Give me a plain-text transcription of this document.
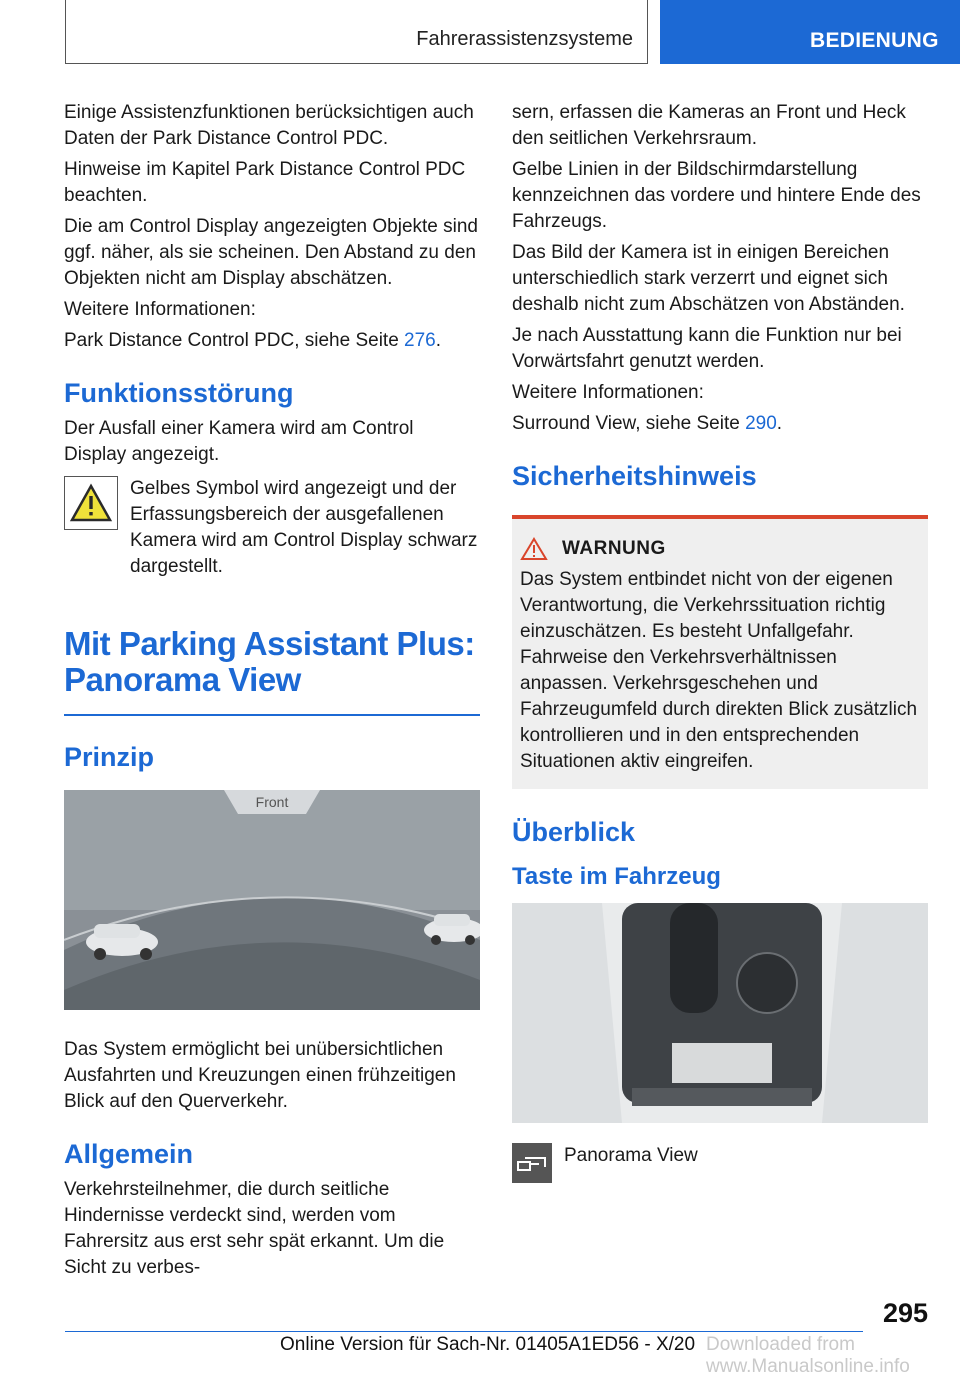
Fahrerassistenzsysteme	BEDIENUNG

Einige Assistenzfunktionen berücksichtigen auch Daten der Park Distance Control PDC.

Hinweise im Kapitel Park Distance Control PDC beachten.

Die am Control Display angezeigten Objekte sind ggf. näher, als sie scheinen. Den Abstand zu den Objekten nicht am Display abschätzen.

Weitere Informationen:

Park Distance Control PDC, siehe Seite 276.

Funktionsstörung

Der Ausfall einer Kamera wird am Control Display angezeigt.

Gelbes Symbol wird angezeigt und der Erfassungsbereich der ausgefallenen Kamera wird am Control Display schwarz dargestellt.

Mit Parking Assistant Plus: Panorama View
Prinzip
Front

Das System ermöglicht bei unübersichtlichen Ausfahrten und Kreuzungen einen frühzeitigen Blick auf den Querverkehr.

Allgemein

Verkehrsteilnehmer, die durch seitliche Hindernisse verdeckt sind, werden vom Fahrersitz aus erst sehr spät erkannt. Um die Sicht zu verbes-

sern, erfassen die Kameras an Front und Heck den seitlichen Verkehrsraum.

Gelbe Linien in der Bildschirmdarstellung kennzeichnen das vordere und hintere Ende des Fahrzeugs.

Das Bild der Kamera ist in einigen Bereichen unterschiedlich stark verzerrt und eignet sich deshalb nicht zum Abschätzen von Abständen.

Je nach Ausstattung kann die Funktion nur bei Vorwärtsfahrt genutzt werden.

Weitere Informationen:

Surround View, siehe Seite 290.

Sicherheitshinweis
WARNUNG

Das System entbindet nicht von der eigenen Verantwortung, die Verkehrssituation richtig einzuschätzen. Es besteht Unfallgefahr. Fahrweise den Verkehrsverhältnissen anpassen. Verkehrsgeschehen und Fahrzeugumfeld durch direkten Blick zusätzlich kontrollieren und in den entsprechenden Situationen aktiv eingreifen.

Überblick
Taste im Fahrzeug

Panorama View

295
Online Version für Sach-Nr. 01405A1ED56 - X/20 Downloaded from www.Manualsonline.info
